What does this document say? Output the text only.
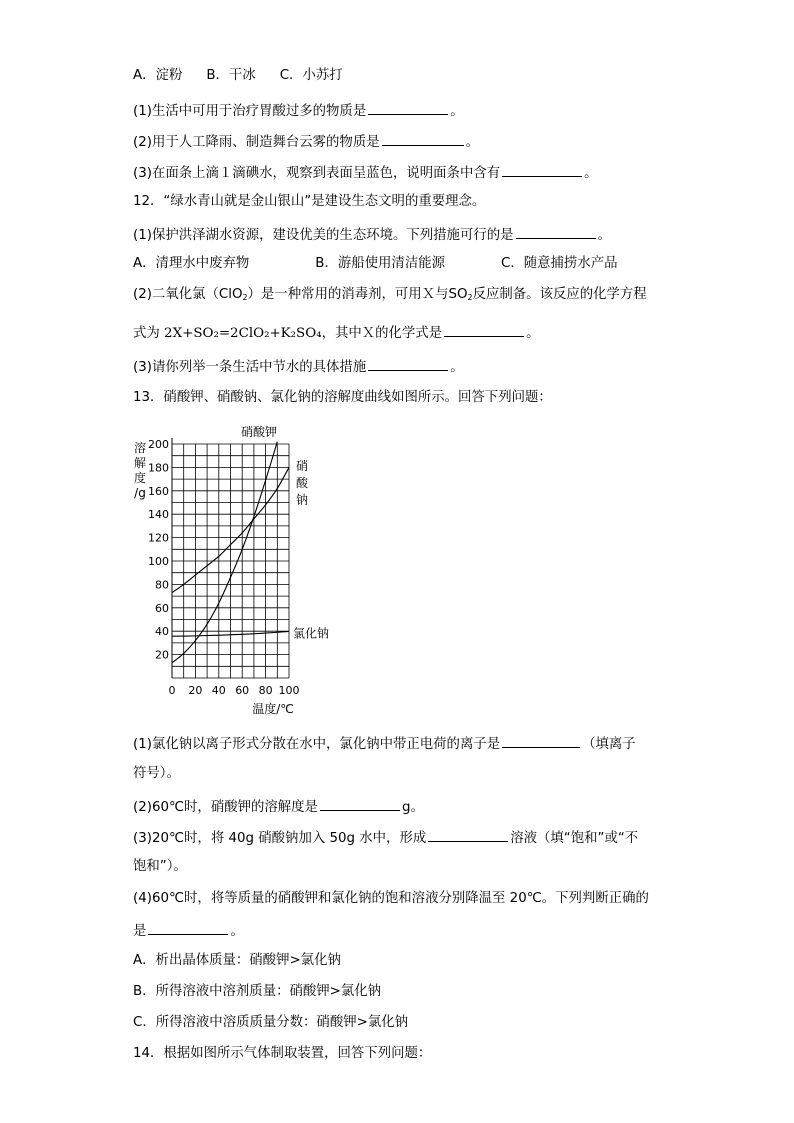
A．淀粉 B．干冰 C．小苏打
(1)生活中可用于治疗胃酸过多的物质是	。
(2)用于人工降雨、制造舞台云雾的物质是	。
(3)在面条上滴１滴碘水，观察到表面呈蓝色，说明面条中含有	。
12．“绿水青山就是金山银山”是建设生态文明的重要理念。
(1)保护洪泽湖水资源，建设优美的生态环境。下列措施可行的是	。
A．清理水中废弃物	B．游船使用清洁能源	C．随意捕捞水产品
(2)二氧化氯（ClO$_2$）是一种常用的消毒剂，可用Ｘ与$SO_2$反应制备。该反应的化学方程
式为 2X+SO₂=2ClO₂+K₂SO₄，其中Ｘ的化学式是	。
(3)请你列举一条生活中节水的具体措施	。
13．硝酸钾、硝酸钠、氯化钠的溶解度曲线如图所示。回答下列问题：
溶
解
度
/g
20
40
60
80
100
120
140
160
180
200
0 20 40 60 80 100
硝酸钾
硝
酸
钠
氯化钠
温度/℃
(1)氯化钠以离子形式分散在水中，氯化钠中带正电荷的离子是	（填离子
符号）。
(2)60℃时，硝酸钾的溶解度是	g。
(3)20℃时，将 40g 硝酸钠加入 50g 水中，形成	溶液（填“饱和”或“不
饱和”）。
(4)60℃时，将等质量的硝酸钾和氯化钠的饱和溶液分别降温至 20℃。下列判断正确的
是	。
A．析出晶体质量：硝酸钾>氯化钠
B．所得溶液中溶剂质量：硝酸钾>氯化钠
C．所得溶液中溶质质量分数：硝酸钾>氯化钠
14．根据如图所示气体制取装置，回答下列问题：
